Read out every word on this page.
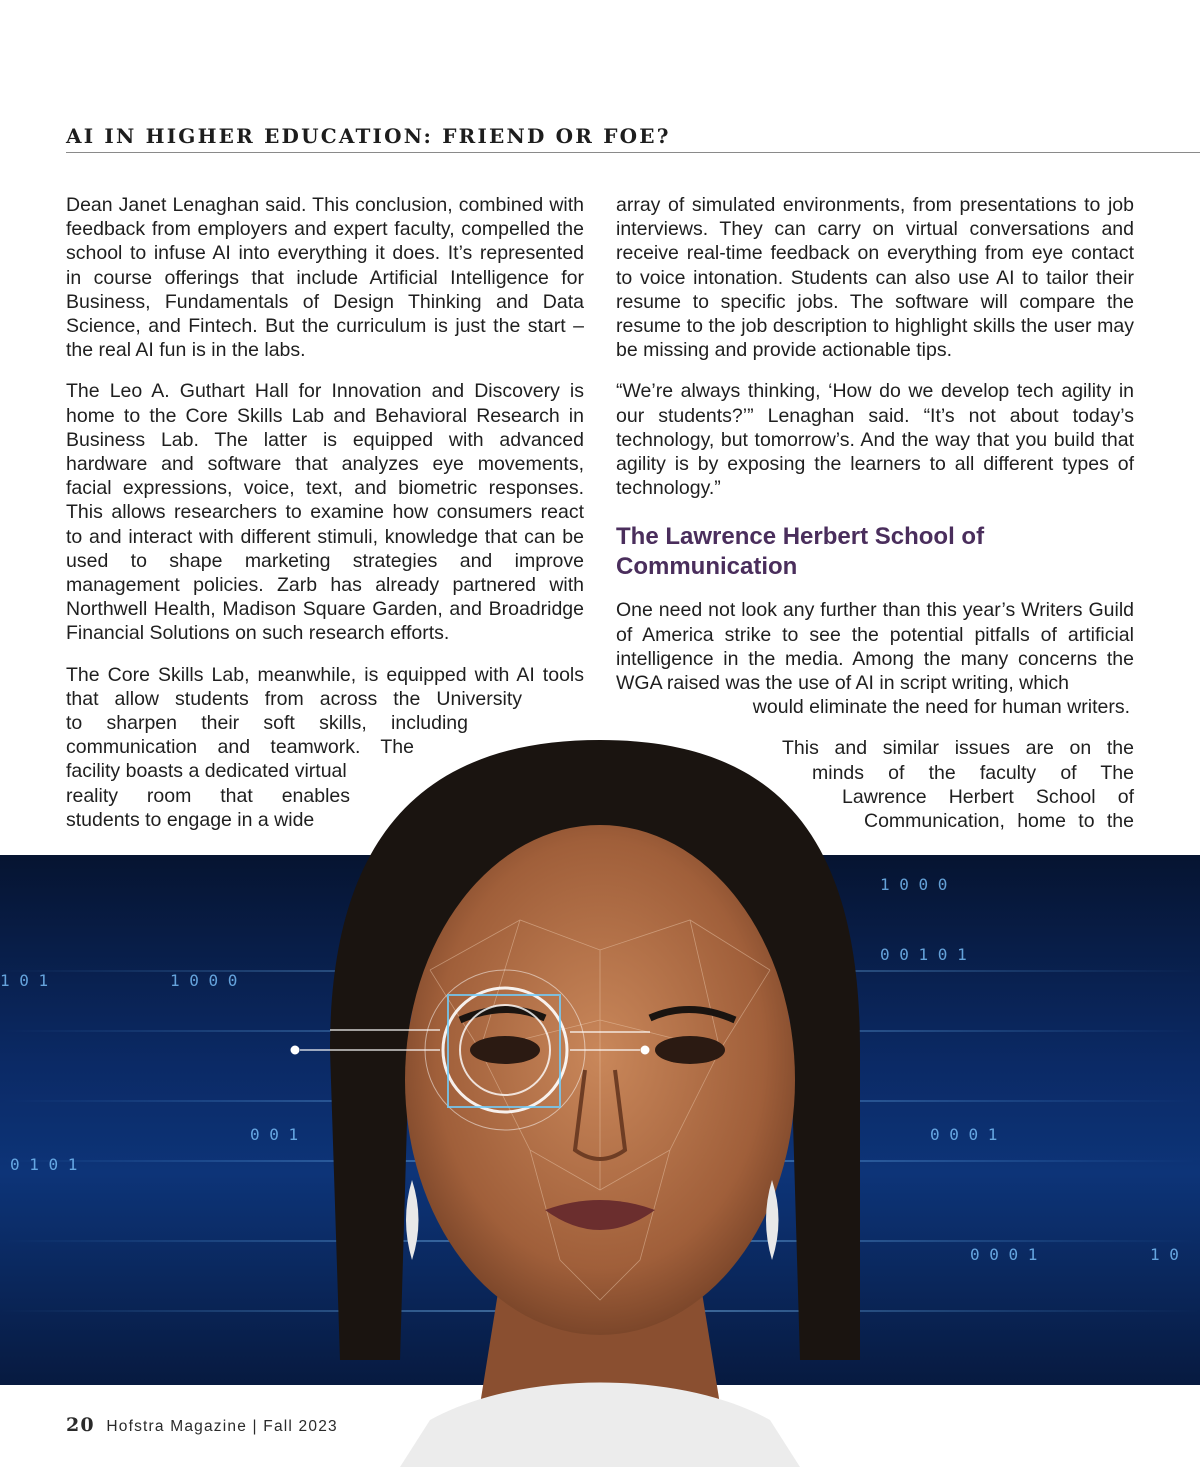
AI IN HIGHER EDUCATION: FRIEND OR FOE?
1 0 1	1 0 0 0
0 0 1
0 1 0 1
1 0 0 0
0 0 1 0 1
0 0 0 1
1 0
0 0 0 1

Dean Janet Lenaghan said. This conclusion, combined with feedback from employers and expert faculty, compelled the school to infuse AI into everything it does. It’s represented in course offerings that include Artificial Intelligence for Business, Fundamentals of Design Thinking and Data Science, and Fintech. But the curriculum is just the start – the real AI fun is in the labs.

The Leo A. Guthart Hall for Innovation and Discovery is home to the Core Skills Lab and Behavioral Research in Business Lab. The latter is equipped with advanced hardware and software that analyzes eye movements, facial expressions, voice, text, and biometric responses. This allows researchers to examine how consumers react to and interact with different stimuli, knowledge that can be used to shape marketing strategies and improve management policies. Zarb has already partnered with Northwell Health, Madison Square Garden, and Broadridge Financial Solutions on such research efforts.

The Core Skills Lab, meanwhile, is equipped with AI tools
that allow students from across the University
to sharpen their soft skills, including
communication and teamwork. The
facility boasts a dedicated virtual
reality room that enables
students to engage in a wide

array of simulated environments, from presentations to job interviews. They can carry on virtual conversations and receive real-time feedback on everything from eye contact to voice intonation. Students can also use AI to tailor their resume to specific jobs. The software will compare the resume to the job description to highlight skills the user may be missing and provide actionable tips.

“We’re always thinking, ‘How do we develop tech agility in our students?’” Lenaghan said. “It’s not about today’s technology, but tomorrow’s. And the way that you build that agility is by exposing the learners to all different types of technology.”

The Lawrence Herbert School of Communication

One need not look any further than this year’s Writers Guild of America strike to see the potential pitfalls of artificial intelligence in the media. Among the many concerns the WGA raised was the use of AI in script writing, which

would eliminate the need for human writers.
This and similar issues are on the
minds of the faculty of The
Lawrence Herbert School of
Communication, home to the
20 Hofstra Magazine | Fall 2023
